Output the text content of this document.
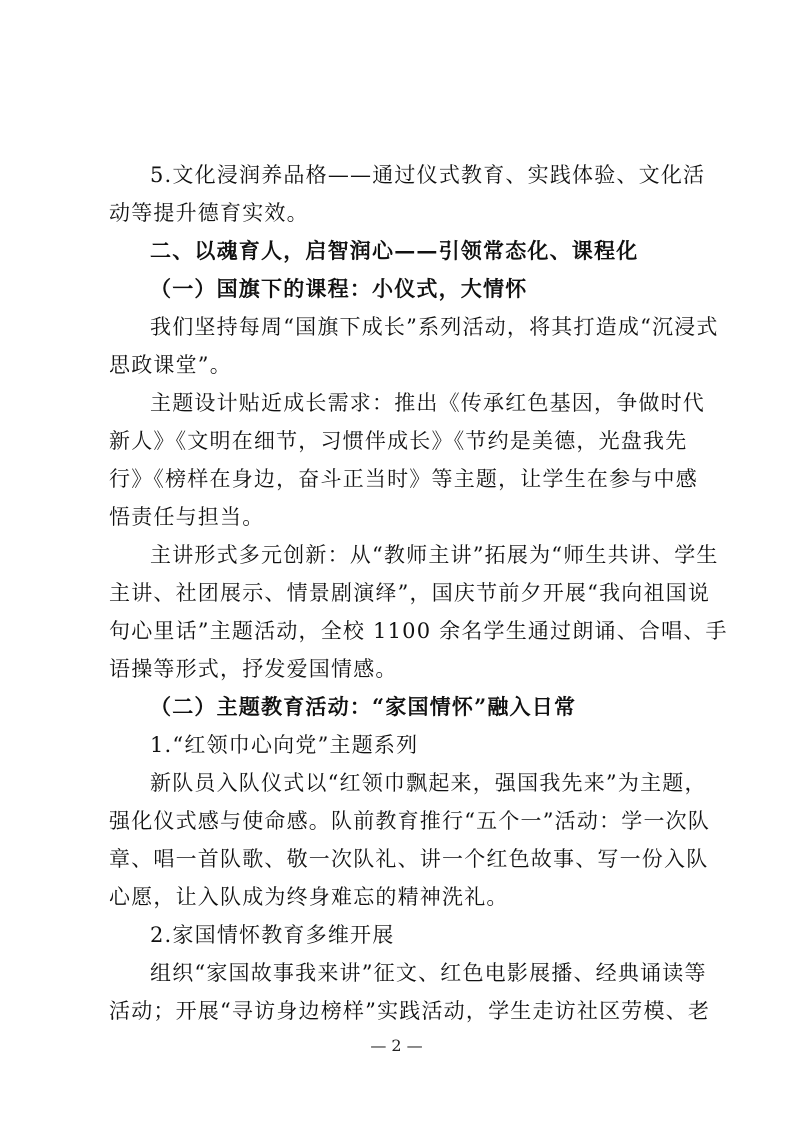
5.文化浸润养品格——通过仪式教育、实践体验、文化活
动等提升德育实效。
二、以魂育人，启智润心——引领常态化、课程化
（一）国旗下的课程：小仪式，大情怀
我们坚持每周“国旗下成长”系列活动，将其打造成“沉浸式
思政课堂”。
主题设计贴近成长需求：推出《传承红色基因，争做时代
新人》《文明在细节，习惯伴成长》《节约是美德，光盘我先
行》《榜样在身边，奋斗正当时》等主题，让学生在参与中感
悟责任与担当。
主讲形式多元创新：从“教师主讲”拓展为“师生共讲、学生
主讲、社团展示、情景剧演绎”，国庆节前夕开展“我向祖国说
句心里话”主题活动，全校 1100 余名学生通过朗诵、合唱、手
语操等形式，抒发爱国情感。
（二）主题教育活动：“家国情怀”融入日常
1.“红领巾心向党”主题系列
新队员入队仪式以“红领巾飘起来，强国我先来”为主题，
强化仪式感与使命感。队前教育推行“五个一”活动：学一次队
章、唱一首队歌、敬一次队礼、讲一个红色故事、写一份入队
心愿，让入队成为终身难忘的精神洗礼。
2.家国情怀教育多维开展
组织“家国故事我来讲”征文、红色电影展播、经典诵读等
活动；开展“寻访身边榜样”实践活动，学生走访社区劳模、老
— 2 —
